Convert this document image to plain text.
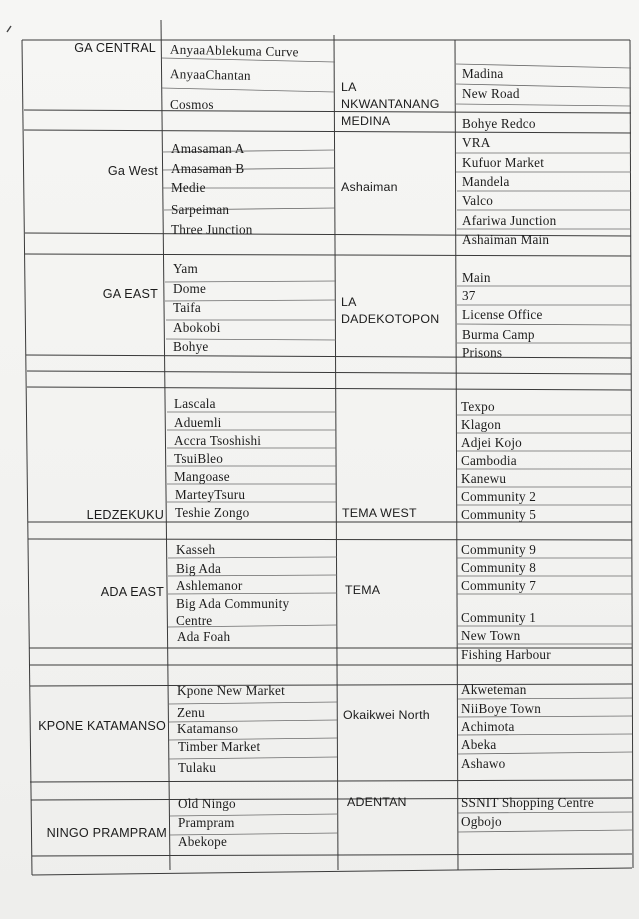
GA CENTRAL
Ga West
GA EAST
LEDZEKUKU
ADA EAST
KPONE KATAMANSO
NINGO PRAMPRAM
AnyaaAblekuma Curve
AnyaaChantan
Cosmos
Amasaman A
Amasaman B
Medie
Sarpeiman
Three Junction
Yam
Dome
Taifa
Abokobi
Bohye
Lascala
Aduemli
Accra Tsoshishi
TsuiBleo
Mangoase
MarteyTsuru
Teshie Zongo
Kasseh
Big Ada
Ashlemanor
Big Ada Community Centre
Ada Foah
Kpone New Market
Zenu
Katamanso
Timber Market
Tulaku
Old Ningo
Prampram
Abekope
LA NKWANTANANG MEDINA
Ashaiman
LA DADEKOTOPON
TEMA WEST
TEMA
Okaikwei North
ADENTAN
Madina
New Road
Bohye Redco
VRA
Kufuor Market
Mandela
Valco
Afariwa Junction
Ashaiman Main
Main
37
License Office
Burma Camp
Prisons
Texpo
Klagon
Adjei Kojo
Cambodia
Kanewu
Community 2
Community 5
Community 9
Community 8
Community 7
Community 1
New Town
Fishing Harbour
Akweteman
NiiBoye Town
Achimota
Abeka
Ashawo
SSNIT Shopping Centre
Ogbojo
